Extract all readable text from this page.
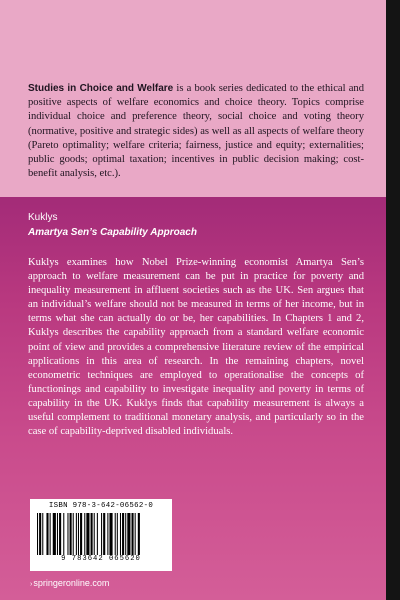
Studies in Choice and Welfare is a book series dedicated to the ethical and positive aspects of welfare economics and choice theory. Topics comprise individual choice and preference theory, social choice and voting theory (normative, positive and strategic sides) as well as all aspects of welfare theory (Pareto optimality; welfare criteria; fairness, justice and equity; externalities; public goods; optimal taxation; incentives in public decision making; cost-benefit analysis, etc.).

Kuklys

Amartya Sen’s Capability Approach

Kuklys examines how Nobel Prize-winning economist Amartya Sen’s approach to welfare measurement can be put in practice for poverty and inequality measurement in affluent societies such as the UK. Sen argues that an individual’s welfare should not be measured in terms of her income, but in terms what she can actually do or be, her capabilities. In Chapters 1 and 2, Kuklys describes the capability approach from a standard welfare economic point of view and provides a comprehensive literature review of the empirical applications in this area of research. In the remaining chapters, novel econometric techniques are employed to operationalise the concepts of functionings and capability to investigate inequality and poverty in terms of capability in the UK. Kuklys finds that capability measurement is always a useful complement to traditional monetary analysis, and particularly so in the case of capability-deprived disabled individuals.

ISBN 978-3-642-06562-0
9 783642 065620

›springeronline.com
